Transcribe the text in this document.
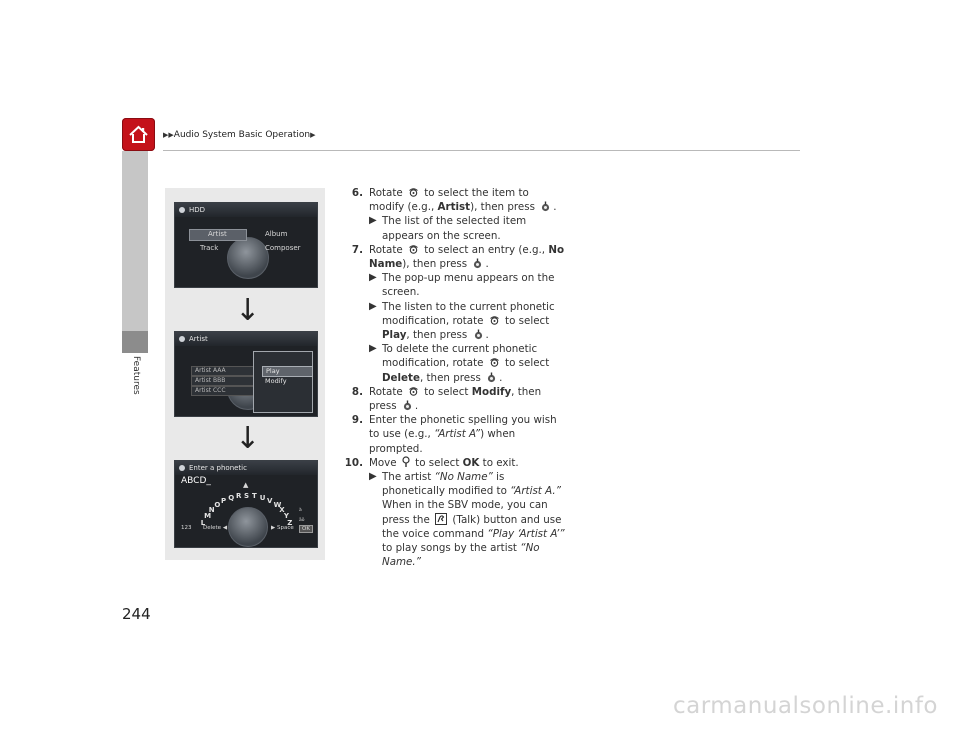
▶▶Audio System Basic Operation▶
Features
HDD
Artist	Album
Track	Composer
↓
Artist
Artist AAA
Artist BBB
Artist CCC
Play
Modify
↓
Enter a phonetic
ABCD_	▲
123 Delete ◀	▶ Space
à
äö
OK
L
M
N
O
P Q R S T U V
W
X
Y
Z
6. Rotate  to select the item to modify (e.g., Artist), then press .
▶ The list of the selected item appears on the screen.
7. Rotate  to select an entry (e.g., No Name), then press .
▶ The pop-up menu appears on the screen.
▶ The listen to the current phonetic modification, rotate  to select Play, then press .
▶ To delete the current phonetic modification, rotate  to select Delete, then press .
8. Rotate  to select Modify, then press .
9. Enter the phonetic spelling you wish to use (e.g., “Artist A”) when prompted.
10. Move  to select OK to exit.
▶ The artist “No Name” is phonetically modified to “Artist A.” When in the SBV mode, you can press the  (Talk) button and use the voice command “Play ‘Artist A’” to play songs by the artist “No Name.”
244
carmanualsonline.info
